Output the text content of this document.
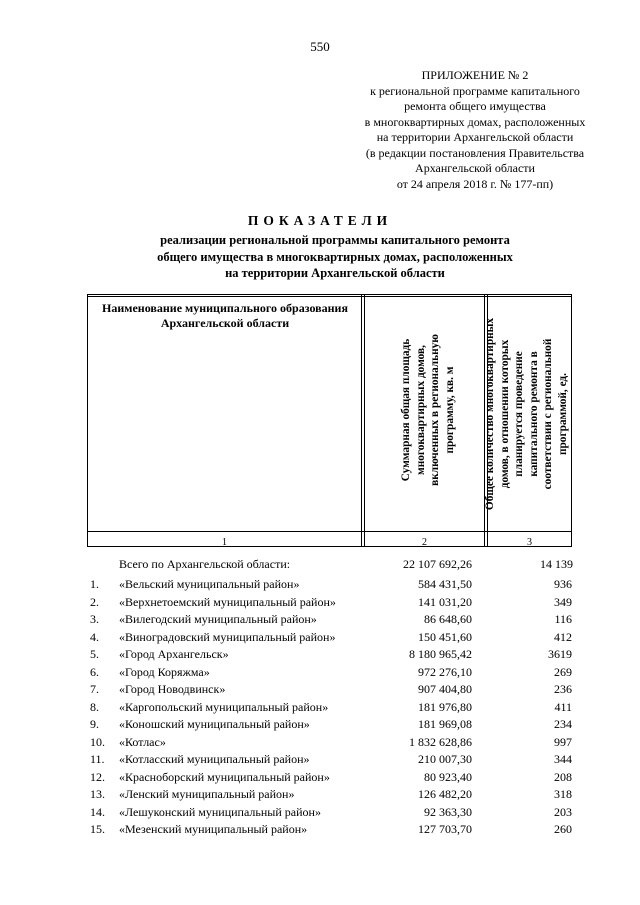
550
ПРИЛОЖЕНИЕ № 2
к региональной программе капитального
ремонта общего имущества
в многоквартирных домах, расположенных
на территории Архангельской области
(в редакции постановления Правительства
Архангельской области
от 24 апреля 2018 г. № 177-пп)
ПОКАЗАТЕЛИ
реализации региональной программы капитального ремонта
общего имущества в многоквартирных домах, расположенных
на территории Архангельской области
Наименование муниципального образования
Архангельской области
Суммарная общая площадь многоквартирных домов, включенных в региональную программу, кв. м	Общее количество многоквартирных домов, в отношении которых планируется проведение капитального ремонта в соответствии с региональной программой, ед.
1	2	3
Всего по Архангельской области:	22 107 692,26	14 139
1.	«Вельский муниципальный район»	584 431,50	936
2.	«Верхнетоемский муниципальный район»	141 031,20	349
3.	«Вилегодский муниципальный район»	86 648,60	116
4.	«Виноградовский муниципальный район»	150 451,60	412
5.	«Город Архангельск»	8 180 965,42	3619
6.	«Город Коряжма»	972 276,10	269
7.	«Город Новодвинск»	907 404,80	236
8.	«Каргопольский муниципальный район»	181 976,80	411
9.	«Коношский муниципальный район»	181 969,08	234
10.	«Котлас»	1 832 628,86	997
11.	«Котласский муниципальный район»	210 007,30	344
12.	«Красноборский муниципальный район»	80 923,40	208
13.	«Ленский муниципальный район»	126 482,20	318
14.	«Лешуконский муниципальный район»	92 363,30	203
15.	«Мезенский муниципальный район»	127 703,70	260
